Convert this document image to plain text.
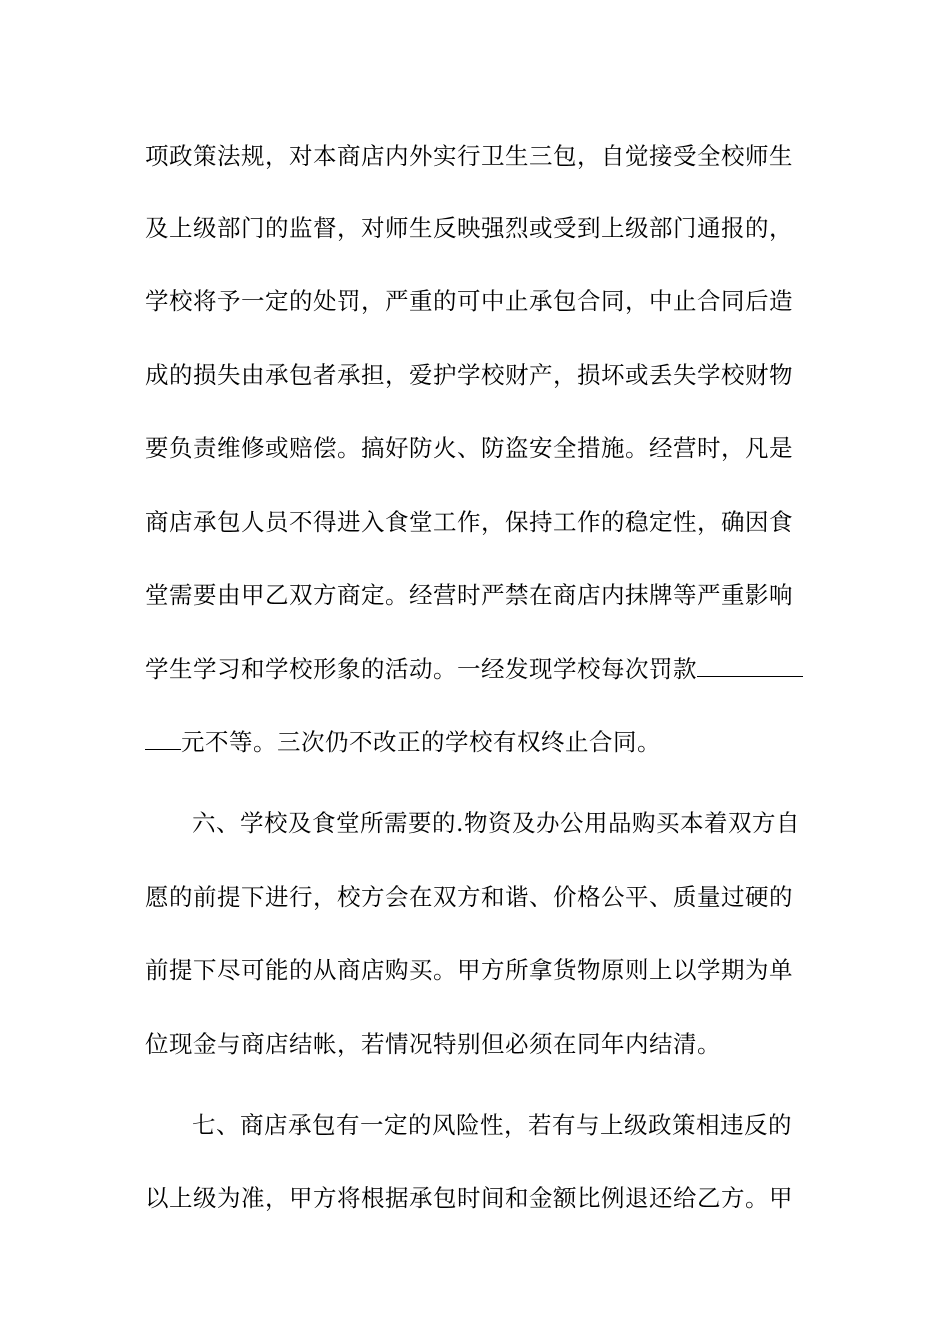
项政策法规，对本商店内外实行卫生三包，自觉接受全校师生
及上级部门的监督，对师生反映强烈或受到上级部门通报的，
学校将予一定的处罚，严重的可中止承包合同，中止合同后造
成的损失由承包者承担，爱护学校财产，损坏或丢失学校财物
要负责维修或赔偿。搞好防火、防盗安全措施。经营时，凡是
商店承包人员不得进入食堂工作，保持工作的稳定性，确因食
堂需要由甲乙双方商定。经营时严禁在商店内抹牌等严重影响
学生学习和学校形象的活动。一经发现学校每次罚款
元不等。三次仍不改正的学校有权终止合同。
六、学校及食堂所需要的.物资及办公用品购买本着双方自
愿的前提下进行，校方会在双方和谐、价格公平、质量过硬的
前提下尽可能的从商店购买。甲方所拿货物原则上以学期为单
位现金与商店结帐，若情况特别但必须在同年内结清。
七、商店承包有一定的风险性，若有与上级政策相违反的
以上级为准，甲方将根据承包时间和金额比例退还给乙方。甲
